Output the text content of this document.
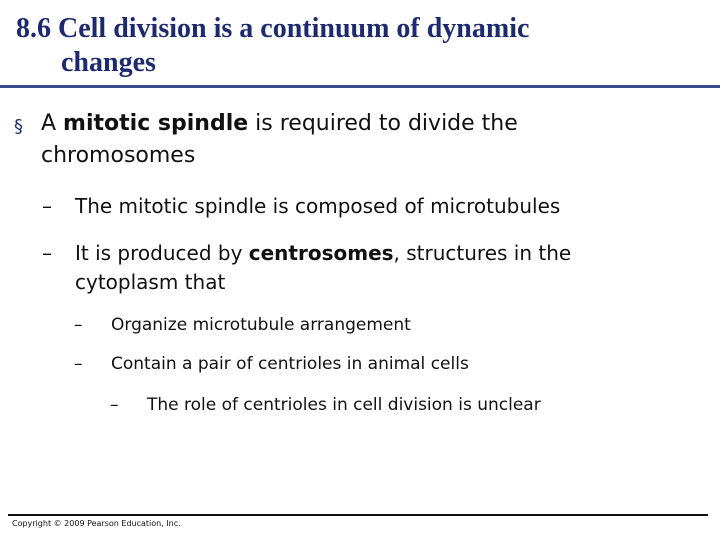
8.6 Cell division is a continuum of dynamic
changes
§ A mitotic spindle is required to divide the chromosomes
–	The mitotic spindle is composed of microtubules
–	It is produced by centrosomes, structures in the cytoplasm that
–	Organize microtubule arrangement
–	Contain a pair of centrioles in animal cells
–	The role of centrioles in cell division is unclear
Copyright © 2009 Pearson Education, Inc.
